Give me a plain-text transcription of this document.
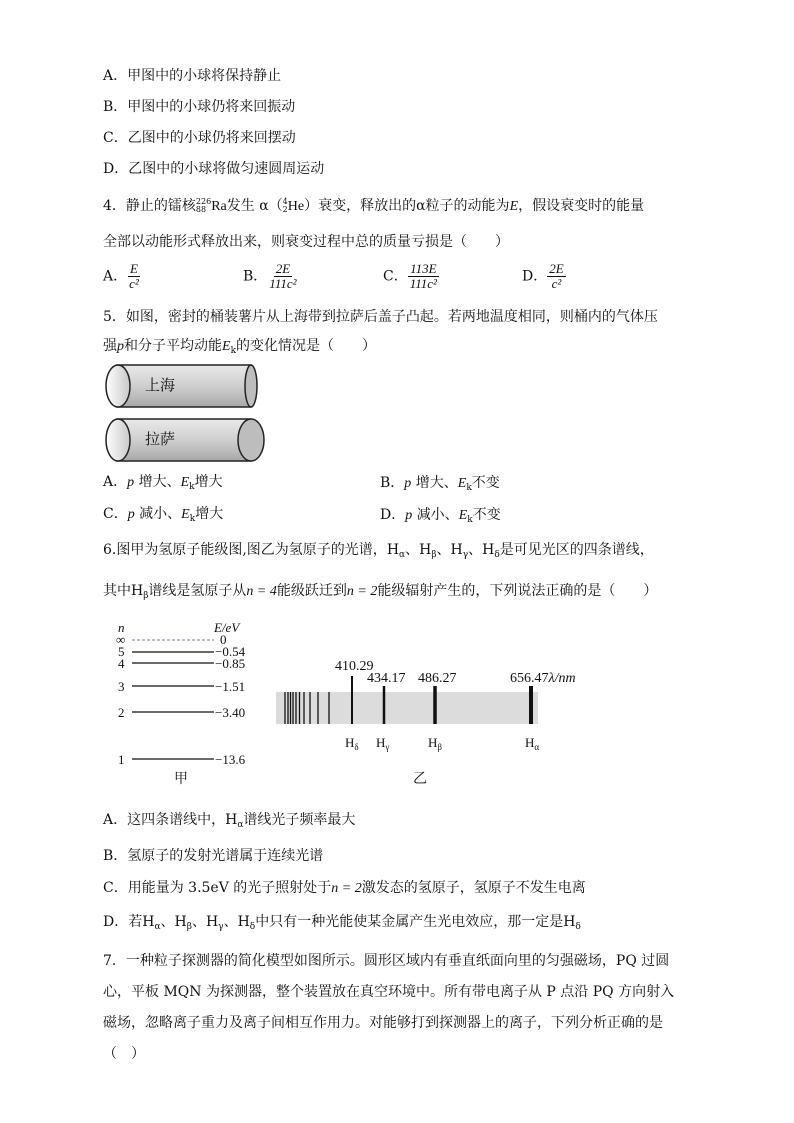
A．甲图中的小球将保持静止
B．甲图中的小球仍将来回振动
C．乙图中的小球仍将来回摆动
D．乙图中的小球将做匀速圆周运动
4．静止的镭核 226
88 Ra发生 α（ 4
2 He）衰变，释放出的α粒子的动能为E，假设衰变时的能量
全部以动能形式释放出来，则衰变过程中总的质量亏损是（　　）
A． $\frac{E}{\text{c²}}$	B． $\frac{2E}{\text{111c²}}$	C． $\frac{113E}{\text{111c²}}$	D． $\frac{2E}{\text{c²}}$
5．如图，密封的桶装薯片从上海带到拉萨后盖子凸起。若两地温度相同，则桶内的气体压
强p和分子平均动能$E_k$的变化情况是（　　）
上海
拉萨
A．p 增大、$E_k$增大	B．p 增大、$E_k$不变
C．p 减小、$E_k$增大	D．p 减小、$E_k$不变
6.图甲为氢原子能级图,图乙为氢原子的光谱，$H_\alpha$、$H_\beta$、$H_\gamma$、$H_\delta$是可见光区的四条谱线，
其中$H_\beta$谱线是氢原子从n = 4能级跃迁到n = 2能级辐射产生的，下列说法正确的是（　　）
n	E/eV
∞	0
5	−0.54
4	−0.85
3	−1.51
2	−3.40
1	−13.6
甲
410.29
434.17 486.27	656.47λ/nm
$H_\delta$ $H_\gamma$	$H_\beta$	$H_\alpha$
乙
A．这四条谱线中，$H_\alpha$谱线光子频率最大
B．氢原子的发射光谱属于连续光谱
C．用能量为 3.5eV 的光子照射处于n = 2激发态的氢原子，氢原子不发生电离
D．若$H_\alpha$、$H_\beta$、$H_\gamma$、$H_\delta$中只有一种光能使某金属产生光电效应，那一定是$H_\delta$
7．一种粒子探测器的简化模型如图所示。圆形区域内有垂直纸面向里的匀强磁场，PQ 过圆
心，平板 MQN 为探测器，整个装置放在真空环境中。所有带电离子从 P 点沿 PQ 方向射入
磁场，忽略离子重力及离子间相互作用力。对能够打到探测器上的离子，下列分析正确的是
（　）
